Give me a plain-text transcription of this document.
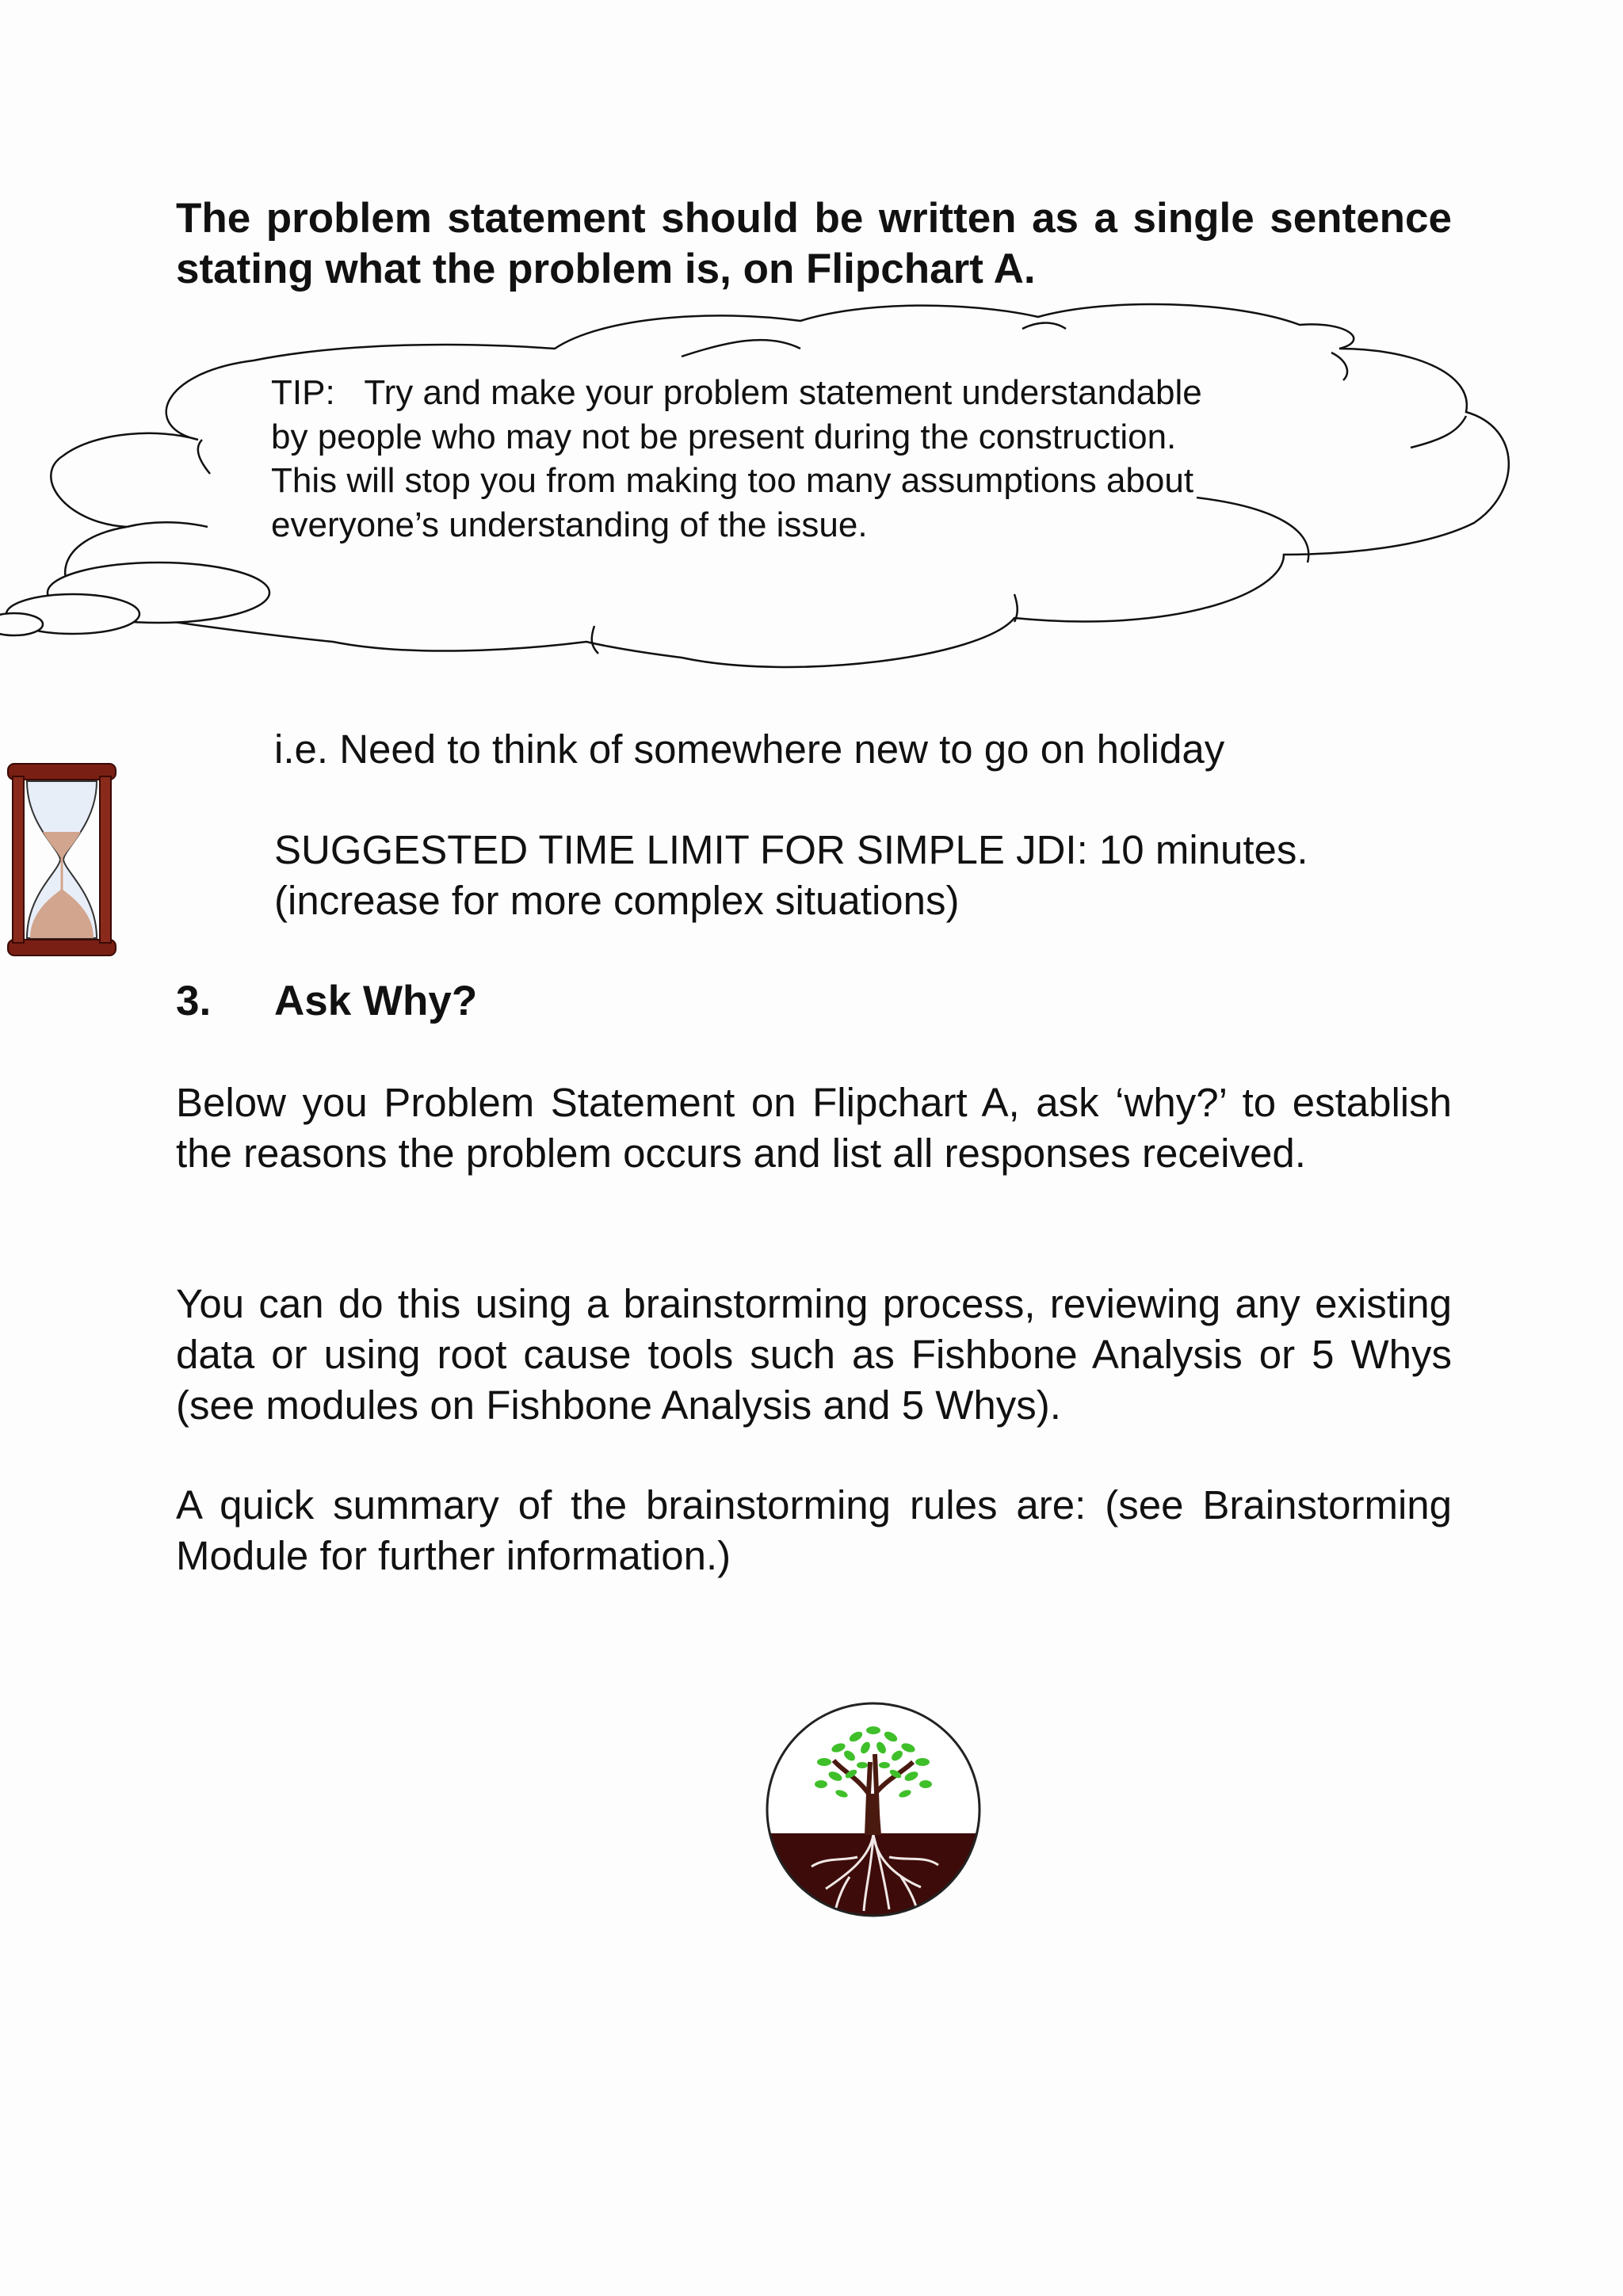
The problem statement should be written as a single sentence stating what the problem is, on Flipchart A.

TIP: Try and make your problem statement understandable by people who may not be present during the construction. This will stop you from making too many assumptions about everyone’s understanding of the issue.

i.e. Need to think of somewhere new to go on holiday

SUGGESTED TIME LIMIT FOR SIMPLE JDI: 10 minutes.
(increase for more complex situations)

3. Ask Why?

Below you Problem Statement on Flipchart A, ask ‘why?’ to establish the reasons the problem occurs and list all responses received.

You can do this using a brainstorming process, reviewing any existing data or using root cause tools such as Fishbone Analysis or 5 Whys (see modules on Fishbone Analysis and 5 Whys).

A quick summary of the brainstorming rules are: (see Brainstorming Module for further information.)
